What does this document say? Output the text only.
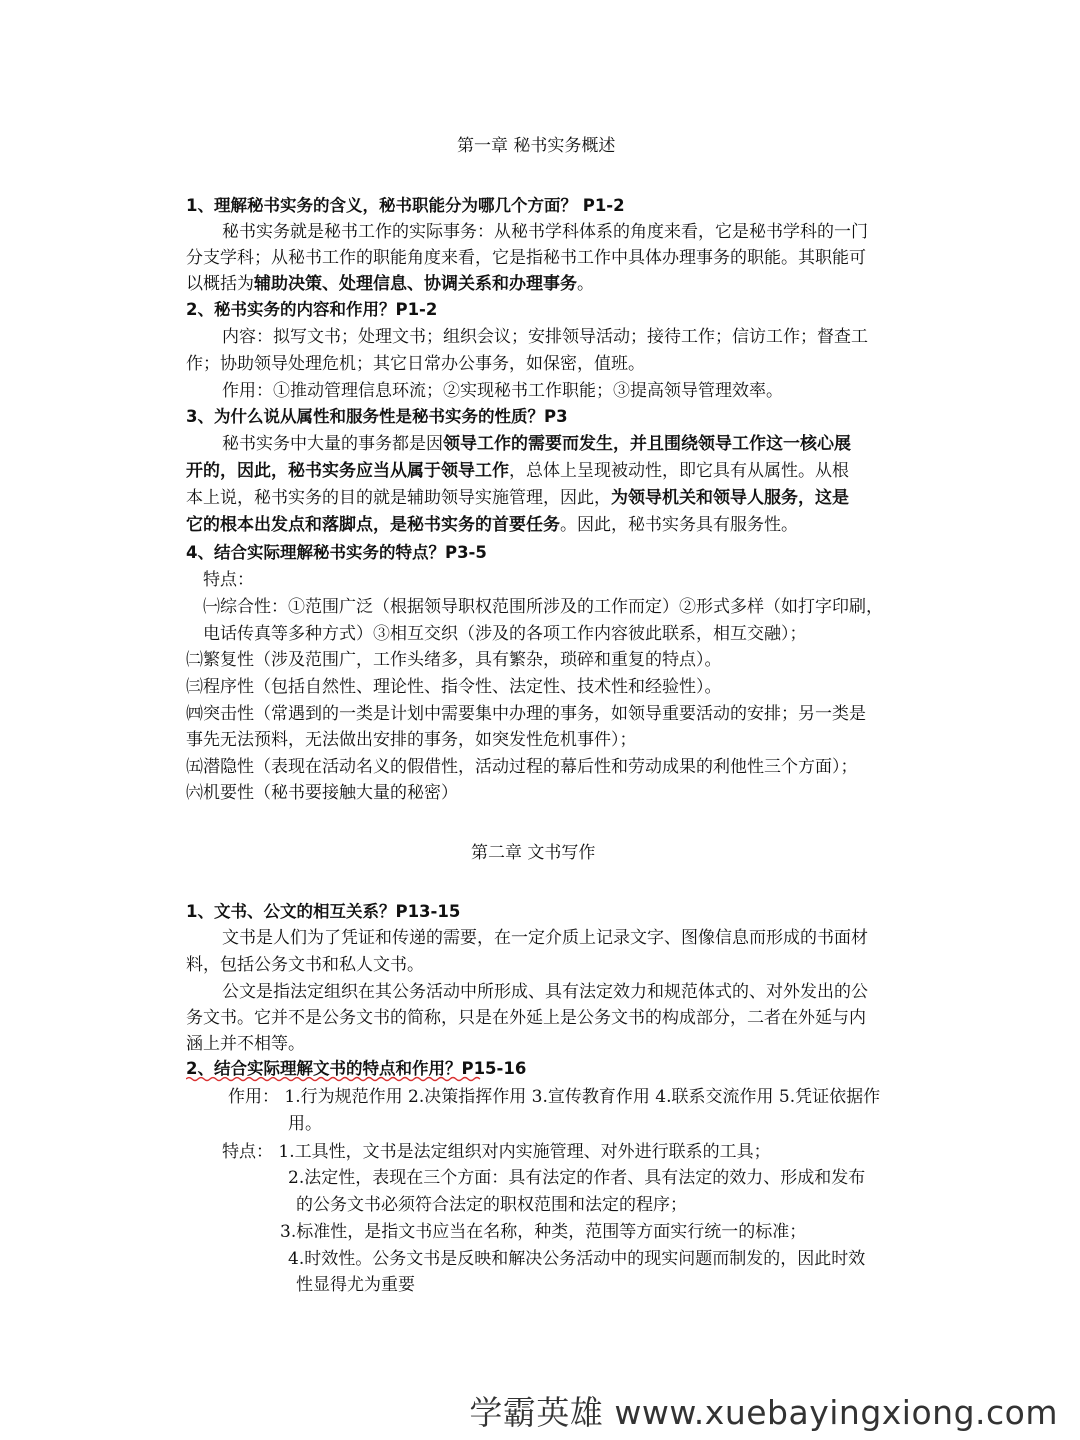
第一章 秘书实务概述
1、理解秘书实务的含义，秘书职能分为哪几个方面？ P1-2
秘书实务就是秘书工作的实际事务：从秘书学科体系的角度来看，它是秘书学科的一门
分支学科；从秘书工作的职能角度来看，它是指秘书工作中具体办理事务的职能。其职能可
以概括为辅助决策、处理信息、协调关系和办理事务。
2、秘书实务的内容和作用？P1-2
内容：拟写文书；处理文书；组织会议；安排领导活动；接待工作；信访工作；督查工
作；协助领导处理危机；其它日常办公事务，如保密，值班。
作用：①推动管理信息环流；②实现秘书工作职能；③提高领导管理效率。
3、为什么说从属性和服务性是秘书实务的性质？P3
秘书实务中大量的事务都是因领导工作的需要而发生，并且围绕领导工作这一核心展
开的，因此，秘书实务应当从属于领导工作，总体上呈现被动性，即它具有从属性。从根
本上说，秘书实务的目的就是辅助领导实施管理，因此，为领导机关和领导人服务，这是
它的根本出发点和落脚点，是秘书实务的首要任务。因此，秘书实务具有服务性。
4、结合实际理解秘书实务的特点？P3-5
特点：
㈠综合性：①范围广泛（根据领导职权范围所涉及的工作而定）②形式多样（如打字印刷，
电话传真等多种方式）③相互交织（涉及的各项工作内容彼此联系，相互交融）；
㈡繁复性（涉及范围广，工作头绪多，具有繁杂，琐碎和重复的特点）。
㈢程序性（包括自然性、理论性、指令性、法定性、技术性和经验性）。
㈣突击性（常遇到的一类是计划中需要集中办理的事务，如领导重要活动的安排；另一类是
事先无法预料，无法做出安排的事务，如突发性危机事件）；
㈤潜隐性（表现在活动名义的假借性，活动过程的幕后性和劳动成果的利他性三个方面）；
㈥机要性（秘书要接触大量的秘密）
第二章 文书写作
1、文书、公文的相互关系？P13-15
文书是人们为了凭证和传递的需要，在一定介质上记录文字、图像信息而形成的书面材
料，包括公务文书和私人文书。
公文是指法定组织在其公务活动中所形成、具有法定效力和规范体式的、对外发出的公
务文书。它并不是公务文书的简称，只是在外延上是公务文书的构成部分，二者在外延与内
涵上并不相等。
2、结合实际理解文书的特点和作用？P15-16
作用： 1.行为规范作用 2.决策指挥作用 3.宣传教育作用 4.联系交流作用 5.凭证依据作
用。
特点： 1.工具性，文书是法定组织对内实施管理、对外进行联系的工具；
2.法定性，表现在三个方面：具有法定的作者、具有法定的效力、形成和发布
的公务文书必须符合法定的职权范围和法定的程序；
3.标准性，是指文书应当在名称，种类，范围等方面实行统一的标准；
4.时效性。公务文书是反映和解决公务活动中的现实问题而制发的，因此时效
性显得尤为重要
学霸英雄 www.xuebayingxiong.com
